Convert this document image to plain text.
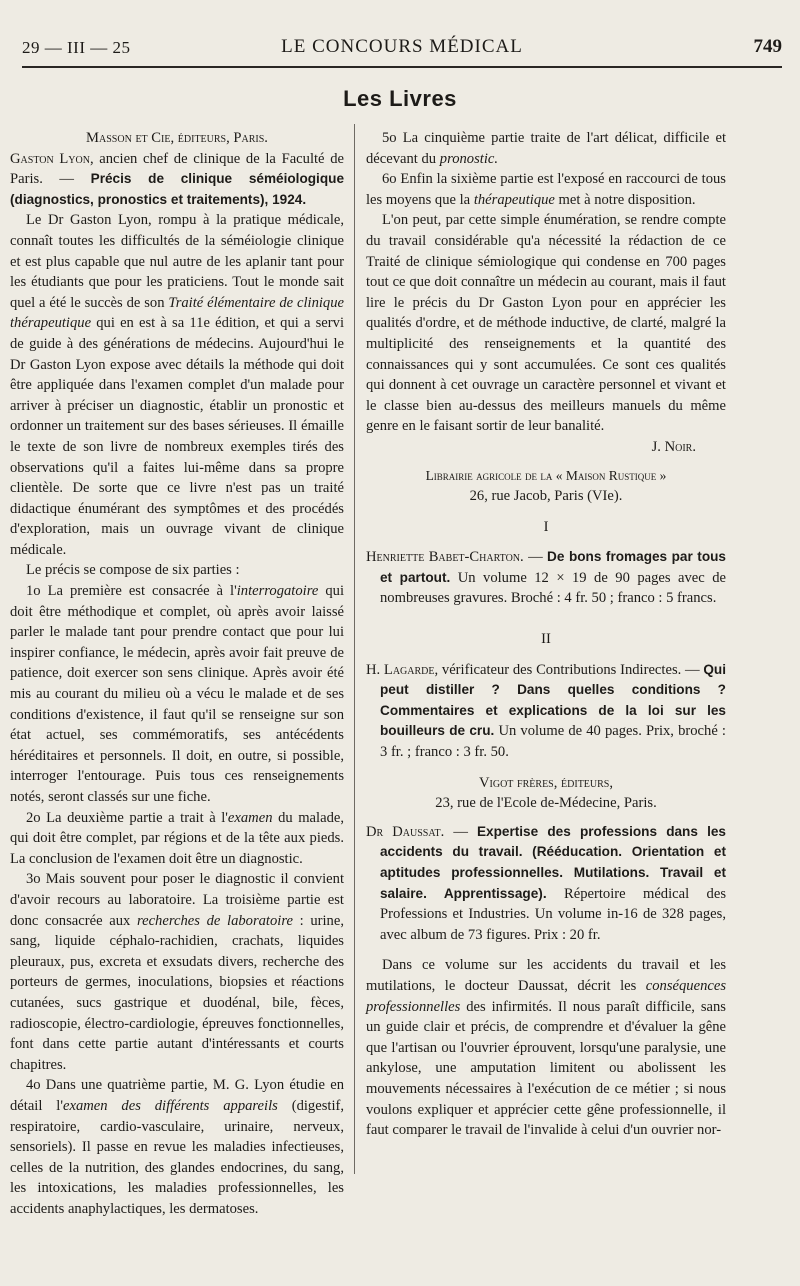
29 — III — 25	LE CONCOURS MÉDICAL	749
Les Livres

Masson et Cie, éditeurs, Paris.

Gaston Lyon, ancien chef de clinique de la Faculté de Paris. — Précis de clinique séméiologique (diagnostics, pronostics et traitements), 1924.

Le Dr Gaston Lyon, rompu à la pratique médicale, connaît toutes les difficultés de la séméiologie clinique et est plus capable que nul autre de les aplanir tant pour les étudiants que pour les praticiens. Tout le monde sait quel a été le succès de son Traité élémentaire de clinique thérapeutique qui en est à sa 11e édition, et qui a servi de guide à des générations de médecins. Aujourd'hui le Dr Gaston Lyon expose avec détails la méthode qui doit être appliquée dans l'examen complet d'un malade pour arriver à préciser un diagnostic, établir un pronostic et ordonner un traitement sur des bases sérieuses. Il émaille le texte de son livre de nombreux exemples tirés des observations qu'il a faites lui-même dans sa propre clientèle. De sorte que ce livre n'est pas un traité didactique énumérant des symptômes et des procédés d'exploration, mais un ouvrage vivant de clinique médicale.

Le précis se compose de six parties :

1o La première est consacrée à l'interrogatoire qui doit être méthodique et complet, où après avoir laissé parler le malade tant pour prendre contact que pour lui inspirer confiance, le médecin, après avoir fait preuve de patience, doit exercer son sens clinique. Après avoir été mis au courant du milieu où a vécu le malade et de ses conditions d'existence, il faut qu'il se renseigne sur son état actuel, ses commémoratifs, ses antécédents héréditaires et personnels. Il doit, en outre, si possible, interroger l'entourage. Puis tous ces renseignements notés, seront classés sur une fiche.

2o La deuxième partie a trait à l'examen du malade, qui doit être complet, par régions et de la tête aux pieds. La conclusion de l'examen doit être un diagnostic.

3o Mais souvent pour poser le diagnostic il convient d'avoir recours au laboratoire. La troisième partie est donc consacrée aux recherches de laboratoire : urine, sang, liquide céphalo-rachidien, crachats, liquides pleuraux, pus, excreta et exsudats divers, recherche des porteurs de germes, inoculations, biopsies et réactions cutanées, sucs gastrique et duodénal, bile, fèces, radioscopie, électro-cardiologie, épreuves fonctionnelles, font dans cette partie autant d'intéressants et courts chapitres.

4o Dans une quatrième partie, M. G. Lyon étudie en détail l'examen des différents appareils (digestif, respiratoire, cardio-vasculaire, urinaire, nerveux, sensoriels). Il passe en revue les maladies infectieuses, celles de la nutrition, des glandes endocrines, du sang, les intoxications, les maladies professionnelles, les accidents anaphylactiques, les dermatoses.

5o La cinquième partie traite de l'art délicat, difficile et décevant du pronostic.

6o Enfin la sixième partie est l'exposé en raccourci de tous les moyens que la thérapeutique met à notre disposition.

L'on peut, par cette simple énumération, se rendre compte du travail considérable qu'a nécessité la rédaction de ce Traité de clinique sémiologique qui condense en 700 pages tout ce que doit connaître un médecin au courant, mais il faut lire le précis du Dr Gaston Lyon pour en apprécier les qualités d'ordre, et de méthode inductive, de clarté, malgré la multiplicité des renseignements et la quantité des connaissances qui y sont accumulées. Ce sont ces qualités qui donnent à cet ouvrage un caractère personnel et vivant et le classe bien au-dessus des meilleurs manuels du même genre en le faisant sortir de leur banalité.

J. Noir.

Librairie agricole de la « Maison Rustique »

26, rue Jacob, Paris (VIe).

I

Henriette Babet-Charton. — De bons fromages par tous et partout. Un volume 12 × 19 de 90 pages avec de nombreuses gravures. Broché : 4 fr. 50 ; franco : 5 francs.

II

H. Lagarde, vérificateur des Contributions Indirectes. — Qui peut distiller ? Dans quelles conditions ? Commentaires et explications de la loi sur les bouilleurs de cru. Un volume de 40 pages. Prix, broché : 3 fr. ; franco : 3 fr. 50.

Vigot frères, éditeurs,

23, rue de l'Ecole de-Médecine, Paris.

Dr Daussat. — Expertise des professions dans les accidents du travail. (Rééducation. Orientation et aptitudes professionnelles. Mutilations. Travail et salaire. Apprentissage). Répertoire médical des Professions et Industries. Un volume in-16 de 328 pages, avec album de 73 figures. Prix : 20 fr.

Dans ce volume sur les accidents du travail et les mutilations, le docteur Daussat, décrit les conséquences professionnelles des infirmités. Il nous paraît difficile, sans un guide clair et précis, de comprendre et d'évaluer la gêne que l'artisan ou l'ouvrier éprouvent, lorsqu'une paralysie, une ankylose, une amputation limitent ou abolissent les mouvements nécessaires à l'exécution de ce métier ; si nous voulons expliquer et apprécier cette gêne professionnelle, il faut comparer le travail de l'invalide à celui d'un ouvrier nor-
